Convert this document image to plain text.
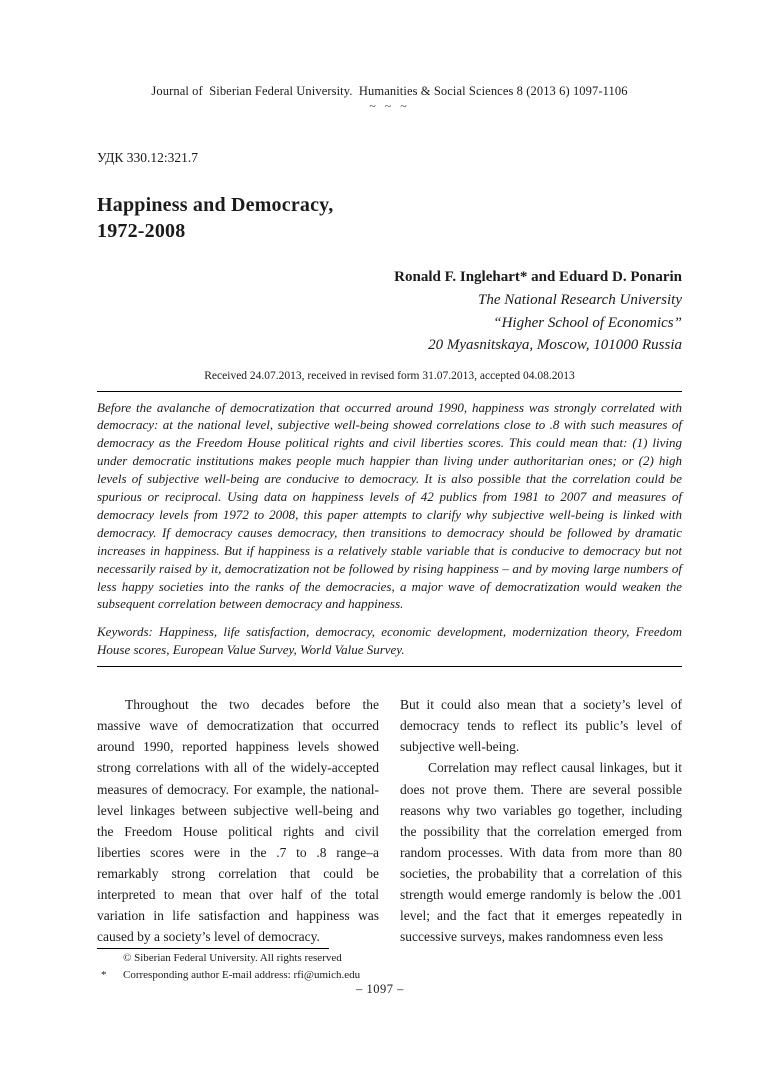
Journal of  Siberian Federal University.  Humanities & Social Sciences 8 (2013 6) 1097-1106
~ ~ ~
УДК 330.12:321.7
Happiness and Democracy,
1972-2008
Ronald F. Inglehart* and Eduard D. Ponarin
The National Research University
“Higher School of Economics”
20 Myasnitskaya, Moscow, 101000 Russia
Received 24.07.2013, received in revised form 31.07.2013, accepted 04.08.2013
Before the avalanche of democratization that occurred around 1990, happiness was strongly correlated with democracy: at the national level, subjective well-being showed correlations close to .8 with such measures of democracy as the Freedom House political rights and civil liberties scores. This could mean that: (1) living under democratic institutions makes people much happier than living under authoritarian ones; or (2) high levels of subjective well-being are conducive to democracy. It is also possible that the correlation could be spurious or reciprocal. Using data on happiness levels of 42 publics from 1981 to 2007 and measures of democracy levels from 1972 to 2008, this paper attempts to clarify why subjective well-being is linked with democracy. If democracy causes democracy, then transitions to democracy should be followed by dramatic increases in happiness. But if happiness is a relatively stable variable that is conducive to democracy but not necessarily raised by it, democratization not be followed by rising happiness – and by moving large numbers of less happy societies into the ranks of the democracies, a major wave of democratization would weaken the subsequent correlation between democracy and happiness.
Keywords: Happiness, life satisfaction, democracy, economic development, modernization theory, Freedom House scores, European Value Survey, World Value Survey.

Throughout the two decades before the massive wave of democratization that occurred around 1990, reported happiness levels showed strong correlations with all of the widely-accepted measures of democracy. For example, the national-level linkages between subjective well-being and the Freedom House political rights and civil liberties scores were in the .7 to .8 range–a remarkably strong correlation that could be interpreted to mean that over half of the total variation in life satisfaction and happiness was caused by a society’s level of democracy.

But it could also mean that a society’s level of democracy tends to reflect its public’s level of subjective well-being.

Correlation may reflect causal linkages, but it does not prove them. There are several possible reasons why two variables go together, including the possibility that the correlation emerged from random processes. With data from more than 80 societies, the probability that a correlation of this strength would emerge randomly is below the .001 level; and the fact that it emerges repeatedly in successive surveys, makes randomness even less

© Siberian Federal University. All rights reserved
* Corresponding author E-mail address: rfi@umich.edu
– 1097 –
